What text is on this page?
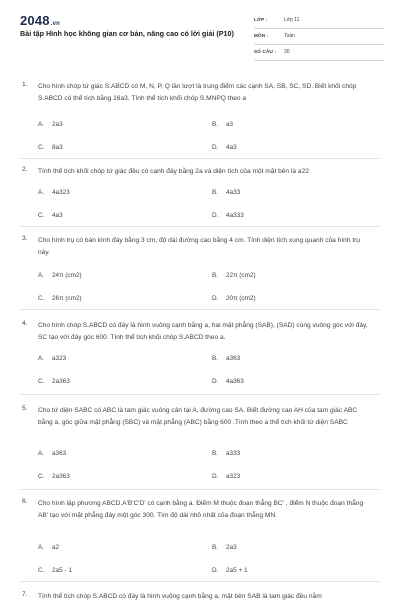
2048.vn
Bài tập Hình học không gian cơ bản, nâng cao có lời giải (P10)
LỚP :	Lớp 11
MÔN :	Toán
SỐ CÂU : 30
1. Cho hình chóp tứ giác S.ABCD có M, N, P, Q lần lượt là trung điểm các cạnh SA, SB, SC, SD. Biết khối chóp S.ABCD có thể tích bằng 16a3. Tính thể tích khối chóp S.MNPQ theo a
A. 2a3	B. a3
C. 8a3	D. 4a3
2. Tính thể tích khối chóp tứ giác đều có cạnh đáy bằng 2a và diện tích của một mặt bên là a22
A. 4a323	B. 4a33
C. 4a3	D. 4a333
3. Cho hình trụ có bán kính đáy bằng 3 cm, độ dài đường cao bằng 4 cm. Tính diện tích xung quanh của hình trụ này.
A. 24π (cm2)	B. 22π (cm2)
C. 26π (cm2)	D. 20π (cm2)
4. Cho hình chóp S.ABCD có đáy là hình vuông cạnh bằng a, hai mặt phẳng (SAB), (SAD) cùng vuông góc với đáy, SC tạo với đáy góc 600. Tính thể tích khối chóp S.ABCD theo a.
A. a323	B. a363
C. 2a363	D. 4a363
5. Cho tứ diện SABC có ABC là tam giác vuông cân tại A, đường cao SA. Biết đường cao AH của tam giác ABC bằng a, góc giữa mặt phẳng (SBC) và mặt phẳng (ABC) bằng 600 .Tính theo a thể tích khối tứ diện SABC
A. a363	B. a333
C. 2a363	D. a323
6. Cho hình lập phương ABCD.A'B'C'D' có cạnh bằng a. Điểm M thuộc đoạn thẳng BC' , điểm N thuộc đoạn thẳng AB' tạo với mặt phẳng đáy một góc 300. Tìm độ dài nhỏ nhất của đoạn thẳng MN.
A. a2	B. 2a3
C. 2a5 - 1	D. 2a5 + 1
7. Tính thể tích chóp S.ABCD có đáy là hình vuông cạnh bằng a, mặt bên SAB là tam giác đều nằm
